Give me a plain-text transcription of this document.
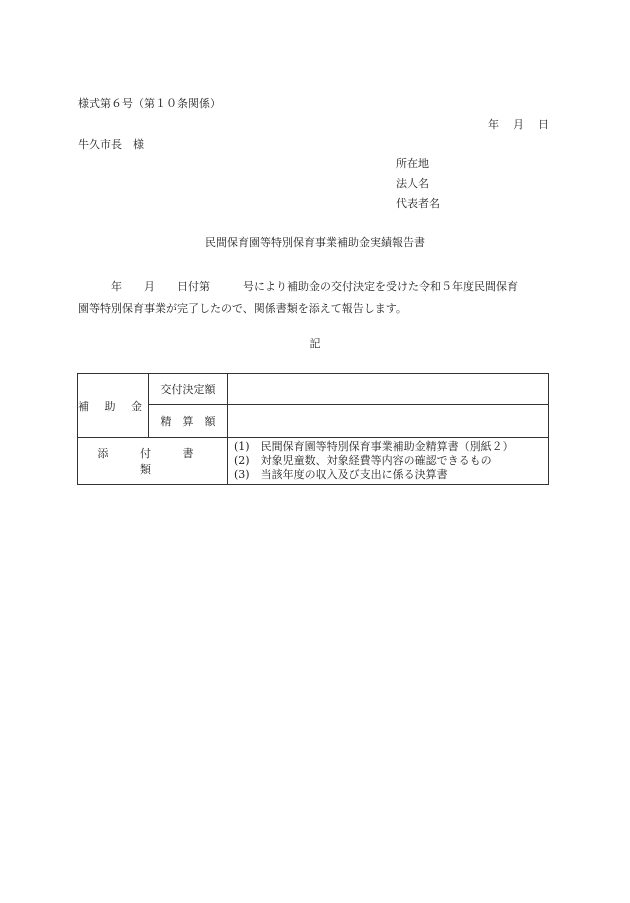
様式第６号（第１０条関係）
年 月 日
牛久市長　様
所在地
法人名
代表者名
民間保育園等特別保育事業補助金実績報告書
　　　年　　月　　日付第　　　号により補助金の交付決定を受けた令和５年度民間保育
園等特別保育事業が完了したので、関係書類を添えて報告します。
記
補 助 金	交付決定額	
	精　算　額	
添 付 書 類		(1)　民間保育園等特別保育事業補助金精算書（別紙２）
(2)　対象児童数、対象経費等内容の確認できるもの
(3)　当該年度の収入及び支出に係る決算書
